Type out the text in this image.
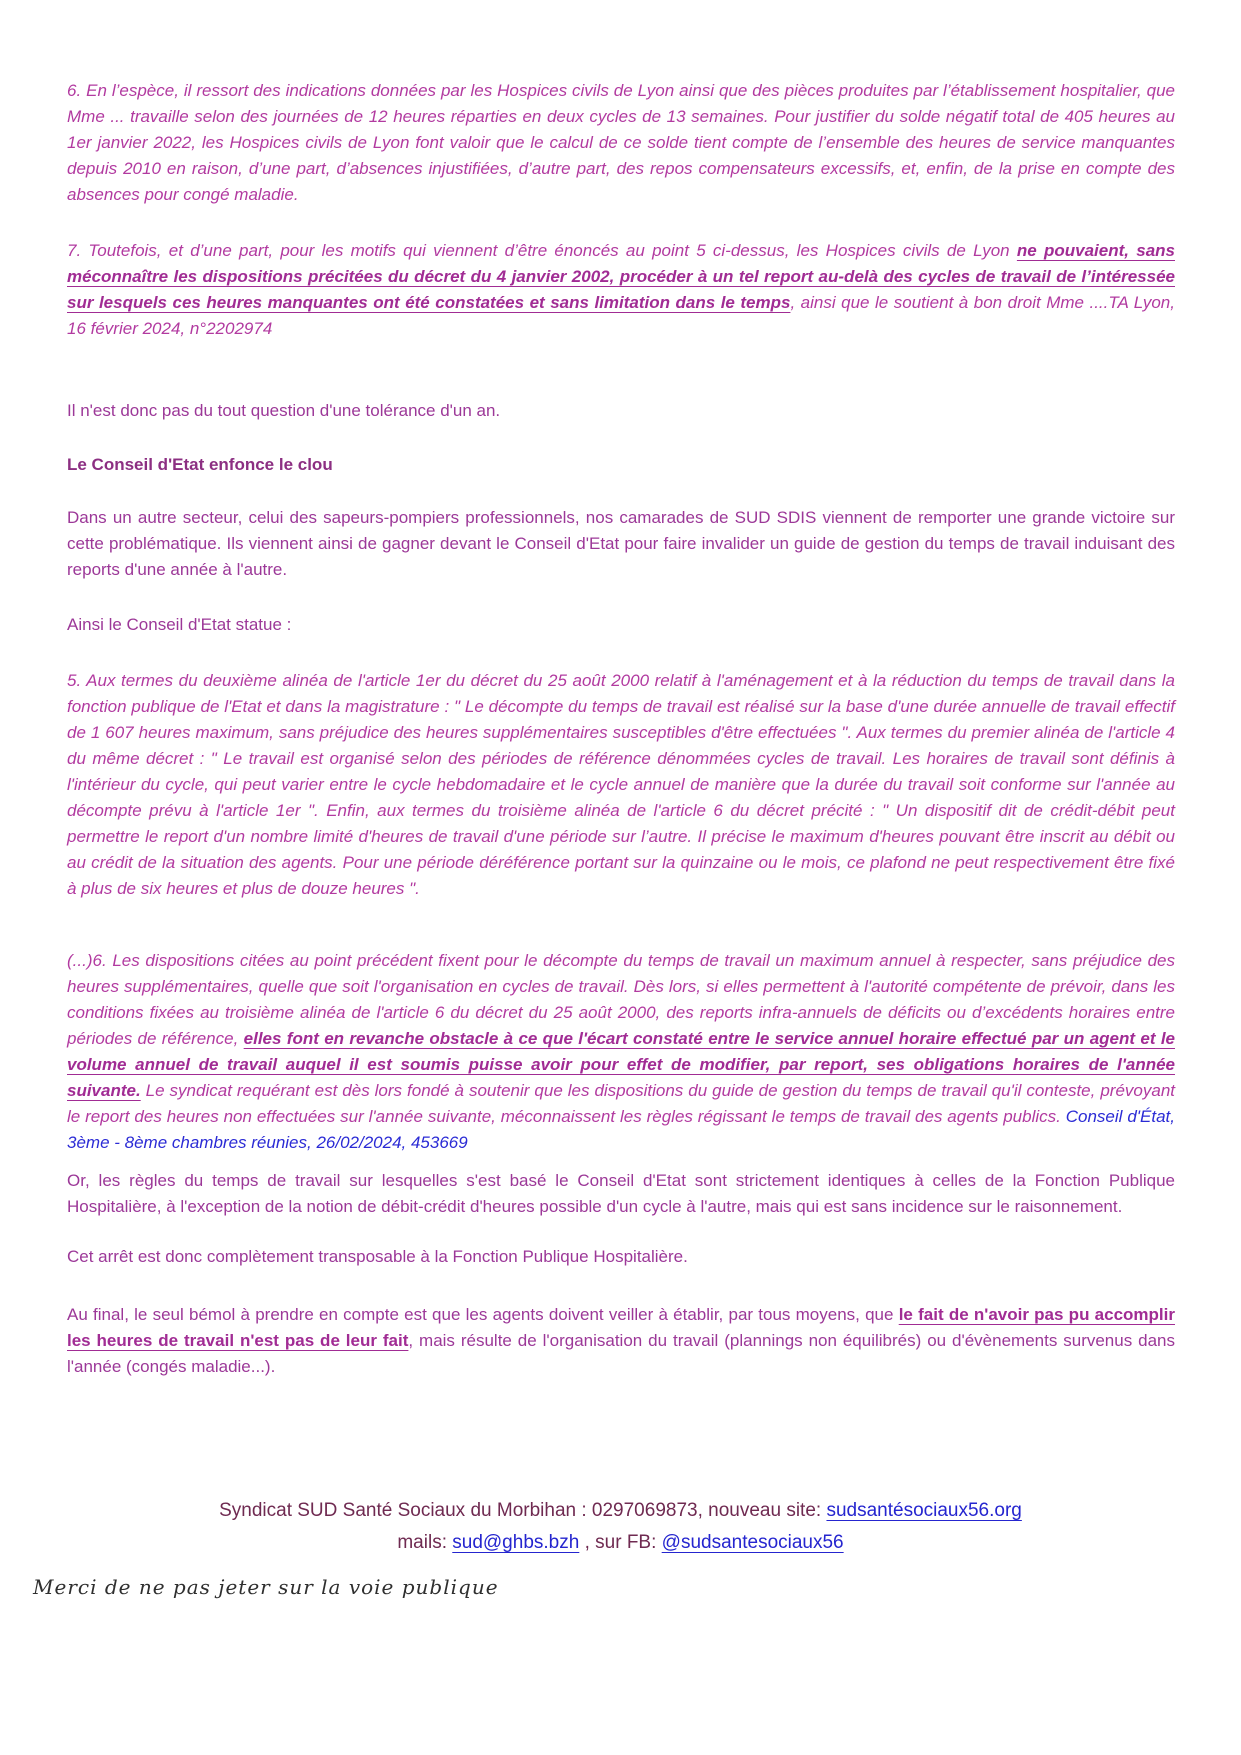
6. En l’espèce, il ressort des indications données par les Hospices civils de Lyon ainsi que des pièces produites par l’établissement hospitalier, que Mme ... travaille selon des journées de 12 heures réparties en deux cycles de 13 semaines. Pour justifier du solde négatif total de 405 heures au 1er janvier 2022, les Hospices civils de Lyon font valoir que le calcul de ce solde tient compte de l’ensemble des heures de service manquantes depuis 2010 en raison, d’une part, d’absences injustifiées, d’autre part, des repos compensateurs excessifs, et, enfin, de la prise en compte des absences pour congé maladie.

7. Toutefois, et d’une part, pour les motifs qui viennent d’être énoncés au point 5 ci-dessus, les Hospices civils de Lyon ne pouvaient, sans méconnaître les dispositions précitées du décret du 4 janvier 2002, procéder à un tel report au-delà des cycles de travail de l’intéressée sur lesquels ces heures manquantes ont été constatées et sans limitation dans le temps, ainsi que le soutient à bon droit Mme ....TA Lyon, 16 février 2024, n°2202974

Il n'est donc pas du tout question d'une tolérance d'un an.

Le Conseil d'Etat enfonce le clou

Dans un autre secteur, celui des sapeurs-pompiers professionnels, nos camarades de SUD SDIS viennent de remporter une grande victoire sur cette problématique. Ils viennent ainsi de gagner devant le Conseil d'Etat pour faire invalider un guide de gestion du temps de travail induisant des reports d'une année à l'autre.

Ainsi le Conseil d'Etat statue :

5. Aux termes du deuxième alinéa de l'article 1er du décret du 25 août 2000 relatif à l'aménagement et à la réduction du temps de travail dans la fonction publique de l'Etat et dans la magistrature : " Le décompte du temps de travail est réalisé sur la base d'une durée annuelle de travail effectif de 1 607 heures maximum, sans préjudice des heures supplémentaires susceptibles d'être effectuées ". Aux termes du premier alinéa de l'article 4 du même décret : " Le travail est organisé selon des périodes de référence dénommées cycles de travail. Les horaires de travail sont définis à l'intérieur du cycle, qui peut varier entre le cycle hebdomadaire et le cycle annuel de manière que la durée du travail soit conforme sur l'année au décompte prévu à l'article 1er ". Enfin, aux termes du troisième alinéa de l'article 6 du décret précité : " Un dispositif dit de crédit-débit peut permettre le report d'un nombre limité d'heures de travail d'une période sur l’autre. Il précise le maximum d'heures pouvant être inscrit au débit ou au crédit de la situation des agents. Pour une période déréférence portant sur la quinzaine ou le mois, ce plafond ne peut respectivement être fixé à plus de six heures et plus de douze heures ".

(...)6. Les dispositions citées au point précédent fixent pour le décompte du temps de travail un maximum annuel à respecter, sans préjudice des heures supplémentaires, quelle que soit l'organisation en cycles de travail. Dès lors, si elles permettent à l'autorité compétente de prévoir, dans les conditions fixées au troisième alinéa de l'article 6 du décret du 25 août 2000, des reports infra-annuels de déficits ou d’excédents horaires entre périodes de référence, elles font en revanche obstacle à ce que l'écart constaté entre le service annuel horaire effectué par un agent et le volume annuel de travail auquel il est soumis puisse avoir pour effet de modifier, par report, ses obligations horaires de l'année suivante. Le syndicat requérant est dès lors fondé à soutenir que les dispositions du guide de gestion du temps de travail qu'il conteste, prévoyant le report des heures non effectuées sur l'année suivante, méconnaissent les règles régissant le temps de travail des agents publics. Conseil d'État, 3ème - 8ème chambres réunies, 26/02/2024, 453669

Or, les règles du temps de travail sur lesquelles s'est basé le Conseil d'Etat sont strictement identiques à celles de la Fonction Publique Hospitalière, à l'exception de la notion de débit-crédit d'heures possible d'un cycle à l'autre, mais qui est sans incidence sur le raisonnement.

Cet arrêt est donc complètement transposable à la Fonction Publique Hospitalière.

Au final, le seul bémol à prendre en compte est que les agents doivent veiller à établir, par tous moyens, que le fait de n'avoir pas pu accomplir les heures de travail n'est pas de leur fait, mais résulte de l'organisation du travail (plannings non équilibrés) ou d'évènements survenus dans l'année (congés maladie...).

Syndicat SUD Santé Sociaux du Morbihan : 0297069873, nouveau site: sudsantésociaux56.org
mails: sud@ghbs.bzh , sur FB: @sudsantesociaux56
Merci de ne pas jeter sur la voie publique
